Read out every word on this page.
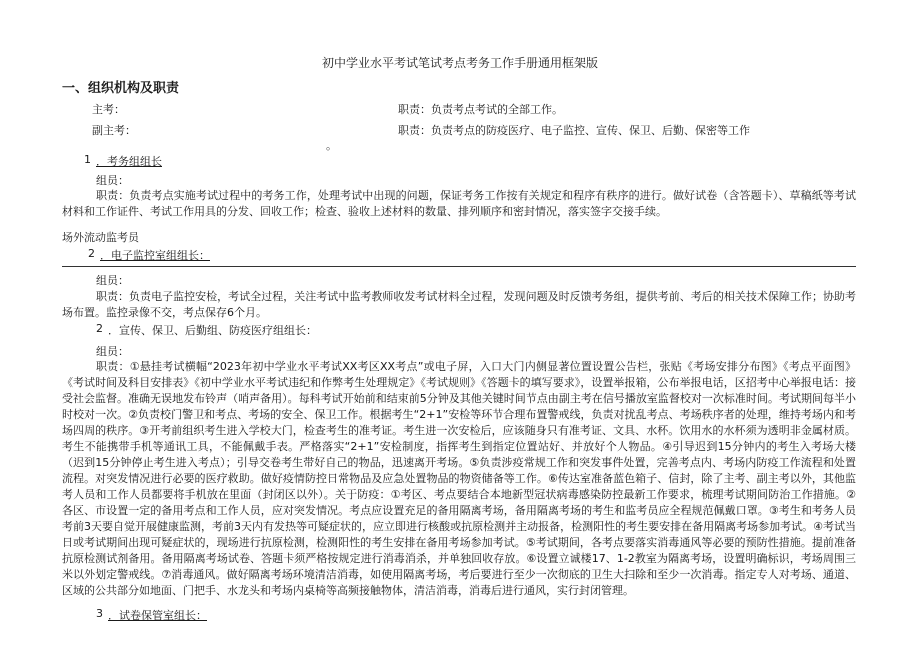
初中学业水平考试笔试考点考务工作手册通用框架版
一、组织机构及职责
主考：	职责：负责考点考试的全部工作。
副主考：	职责：负责考点的防疫医疗、电子监控、宣传、保卫、后勤、保密等工作
。
1 ．考务组组长
组员：

职责：负责考点实施考试过程中的考务工作，处理考试中出现的问题，保证考务工作按有关规定和程序有秩序的进行。做好试卷（含答题卡）、草稿纸等考试材料和工作证件、考试工作用具的分发、回收工作；检查、验收上述材料的数量、排列顺序和密封情况，落实签字交接手续。

场外流动监考员
2 ．电子监控室组组长：
组员：

职责：负责电子监控安检，考试全过程，关注考试中监考教师收发考试材料全过程，发现问题及时反馈考务组，提供考前、考后的相关技术保障工作；协助考场布置。监控录像不交，考点保存6个月。

2 ．宣传、保卫、后勤组、防疫医疗组组长：
组员：

职责：①悬挂考试横幅“2023年初中学业水平考试XX考区XX考点”或电子屏，入口大门内侧显著位置设置公告栏，张贴《考场安排分布图》《考点平面图》《考试时间及科目安排表》《初中学业水平考试违纪和作弊考生处理规定》《考试规则》《答题卡的填写要求》，设置举报箱，公布举报电话，区招考中心举报电话：接受社会监督。准确无误地发布铃声（哨声备用）。每科考试开始前和结束前5分钟及其他关键时间节点由副主考在信号播放室监督校对一次标准时间。考试期间每半小时校对一次。②负责校门警卫和考点、考场的安全、保卫工作。根据考生“2+1”安检等环节合理布置警戒线，负责对扰乱考点、考场秩序者的处理，维持考场内和考场四周的秩序。③开考前组织考生进入学校大门，检查考生的准考证。考生进一次安检后，应该随身只有准考证、文具、水杯。饮用水的水杯须为透明非金属材质。考生不能携带手机等通讯工具，不能佩戴手表。严格落实“2+1”安检制度，指挥考生到指定位置站好、并放好个人物品。④引导迟到15分钟内的考生入考场大楼（迟到15分钟停止考生进入考点）；引导交卷考生带好自己的物品，迅速离开考场。⑤负责涉疫常规工作和突发事件处置，完善考点内、考场内防疫工作流程和处置流程。对突发情况进行必要的医疗救助。做好疫情防控日常物品及应急处置物品的物资储备等工作。⑥传达室准备蓝色箱子、信封，除了主考、副主考以外，其他监考人员和工作人员都要将手机放在里面（封闭区以外）。关于防疫：①考区、考点要结合本地新型冠状病毒感染防控最新工作要求，梳理考试期间防治工作措施。②各区、市设置一定的备用考点和工作人员，应对突发情况。考点应设置充足的备用隔离考场，备用隔离考场的考生和监考员应全程规范佩戴口罩。③考生和考务人员考前3天要自觉开展健康监测，考前3天内有发热等可疑症状的，应立即进行核酸或抗原检测并主动报备，检测阳性的考生要安排在备用隔离考场参加考试。④考试当日或考试期间出现可疑症状的，现场进行抗原检测，检测阳性的考生安排在备用考场参加考试。⑤考试期间，各考点要落实消毒通风等必要的预防性措施。提前准备抗原检测试剂备用。备用隔离考场试卷、答题卡须严格按规定进行消毒消杀，并单独回收存放。⑥设置立诚楼17、1-2教室为隔离考场，设置明确标识，考场周围三米以外划定警戒线。⑦消毒通风。做好隔离考场环境清洁消毒，如使用隔离考场，考后要进行至少一次彻底的卫生大扫除和至少一次消毒。指定专人对考场、通道、区域的公共部分如地面、门把手、水龙头和考场内桌椅等高频接触物体，清洁消毒，消毒后进行通风，实行封闭管理。

3 ．试卷保管室组长：
